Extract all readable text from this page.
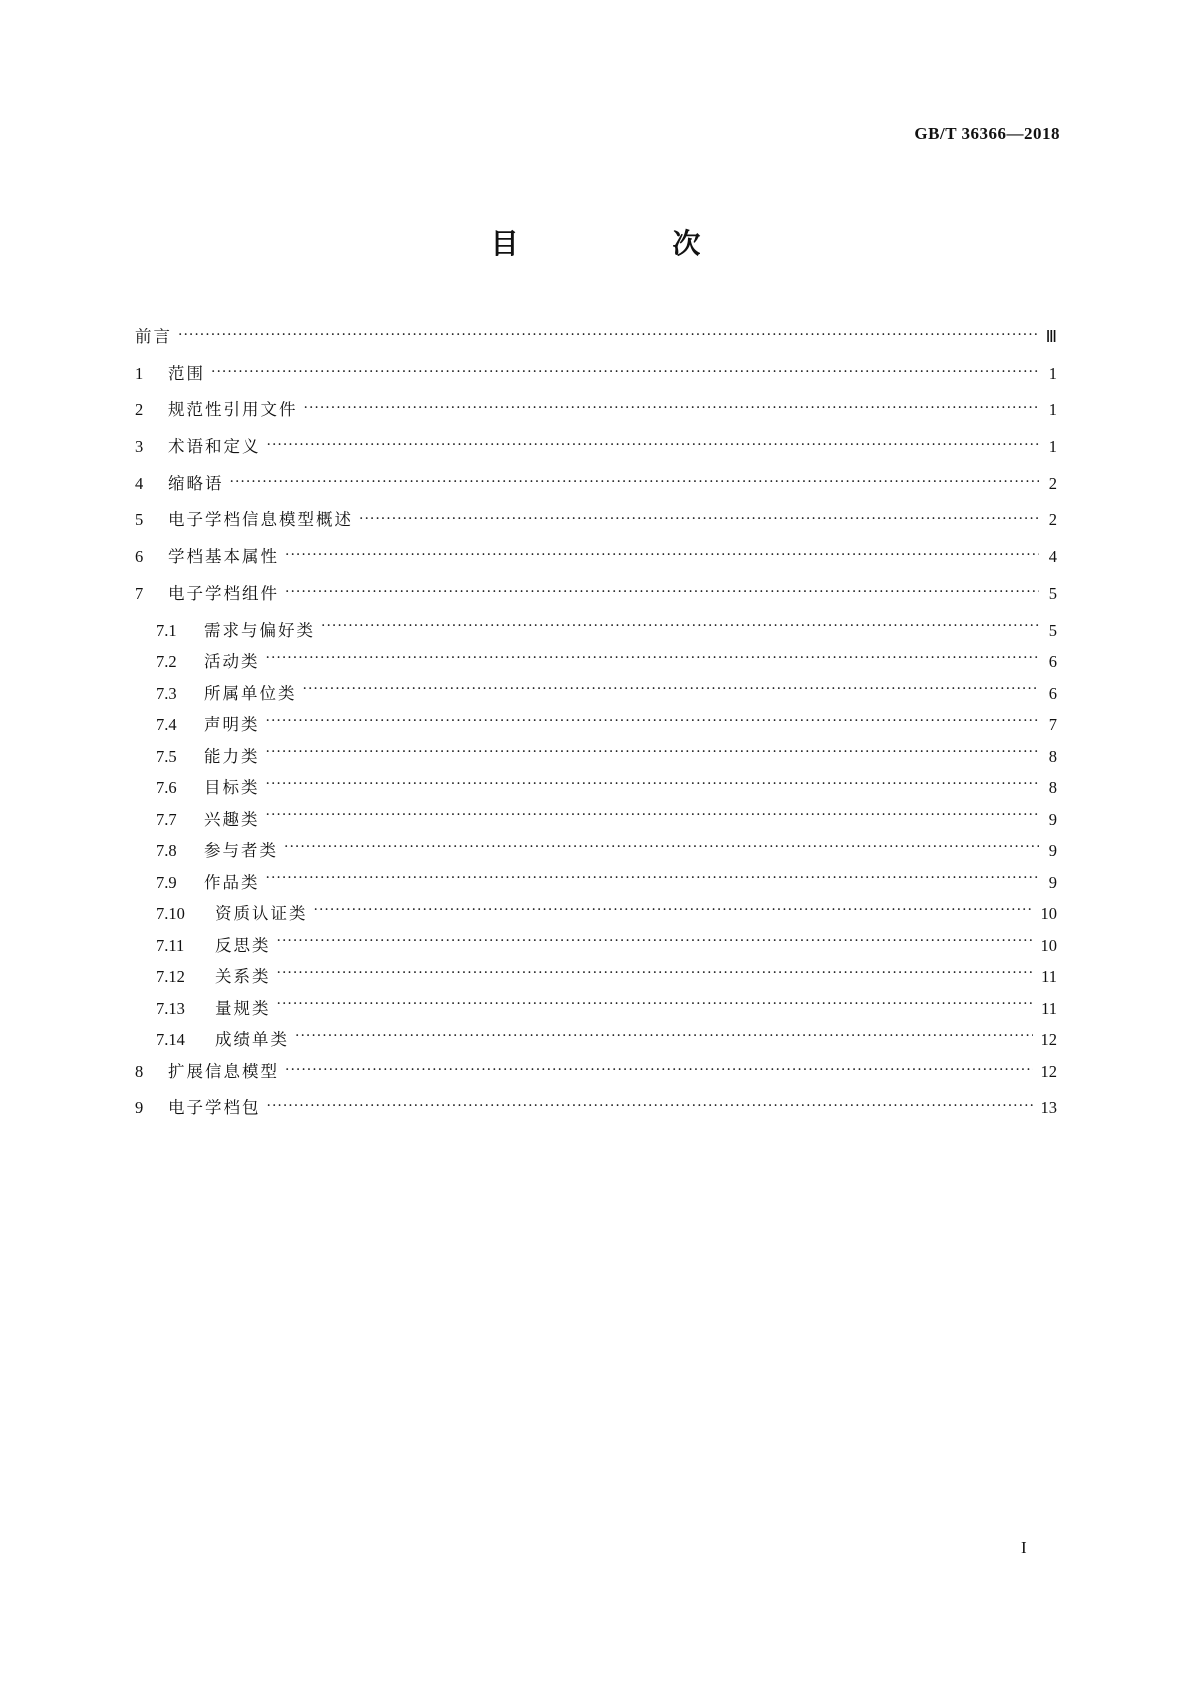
GB/T 36366—2018
目 次
前言 ·····	Ⅲ
1	范围 ·····	1
2	规范性引用文件 ·····	1
3	术语和定义 ·····	1
4	缩略语 ·····	2
5	电子学档信息模型概述 ·····	2
6	学档基本属性 ·····	4
7	电子学档组件 ·····	5
7.1	需求与偏好类 ·····	5
7.2	活动类 ·····	6
7.3	所属单位类 ·····	6
7.4	声明类 ·····	7
7.5	能力类 ·····	8
7.6	目标类 ·····	8
7.7	兴趣类 ·····	9
7.8	参与者类 ·····	9
7.9	作品类 ·····	9
7.10	资质认证类 ·····	10
7.11	反思类 ·····	10
7.12	关系类 ·····	11
7.13	量规类 ·····	11
7.14	成绩单类 ·····	12
8	扩展信息模型 ·····	12
9	电子学档包 ·····	13
I
